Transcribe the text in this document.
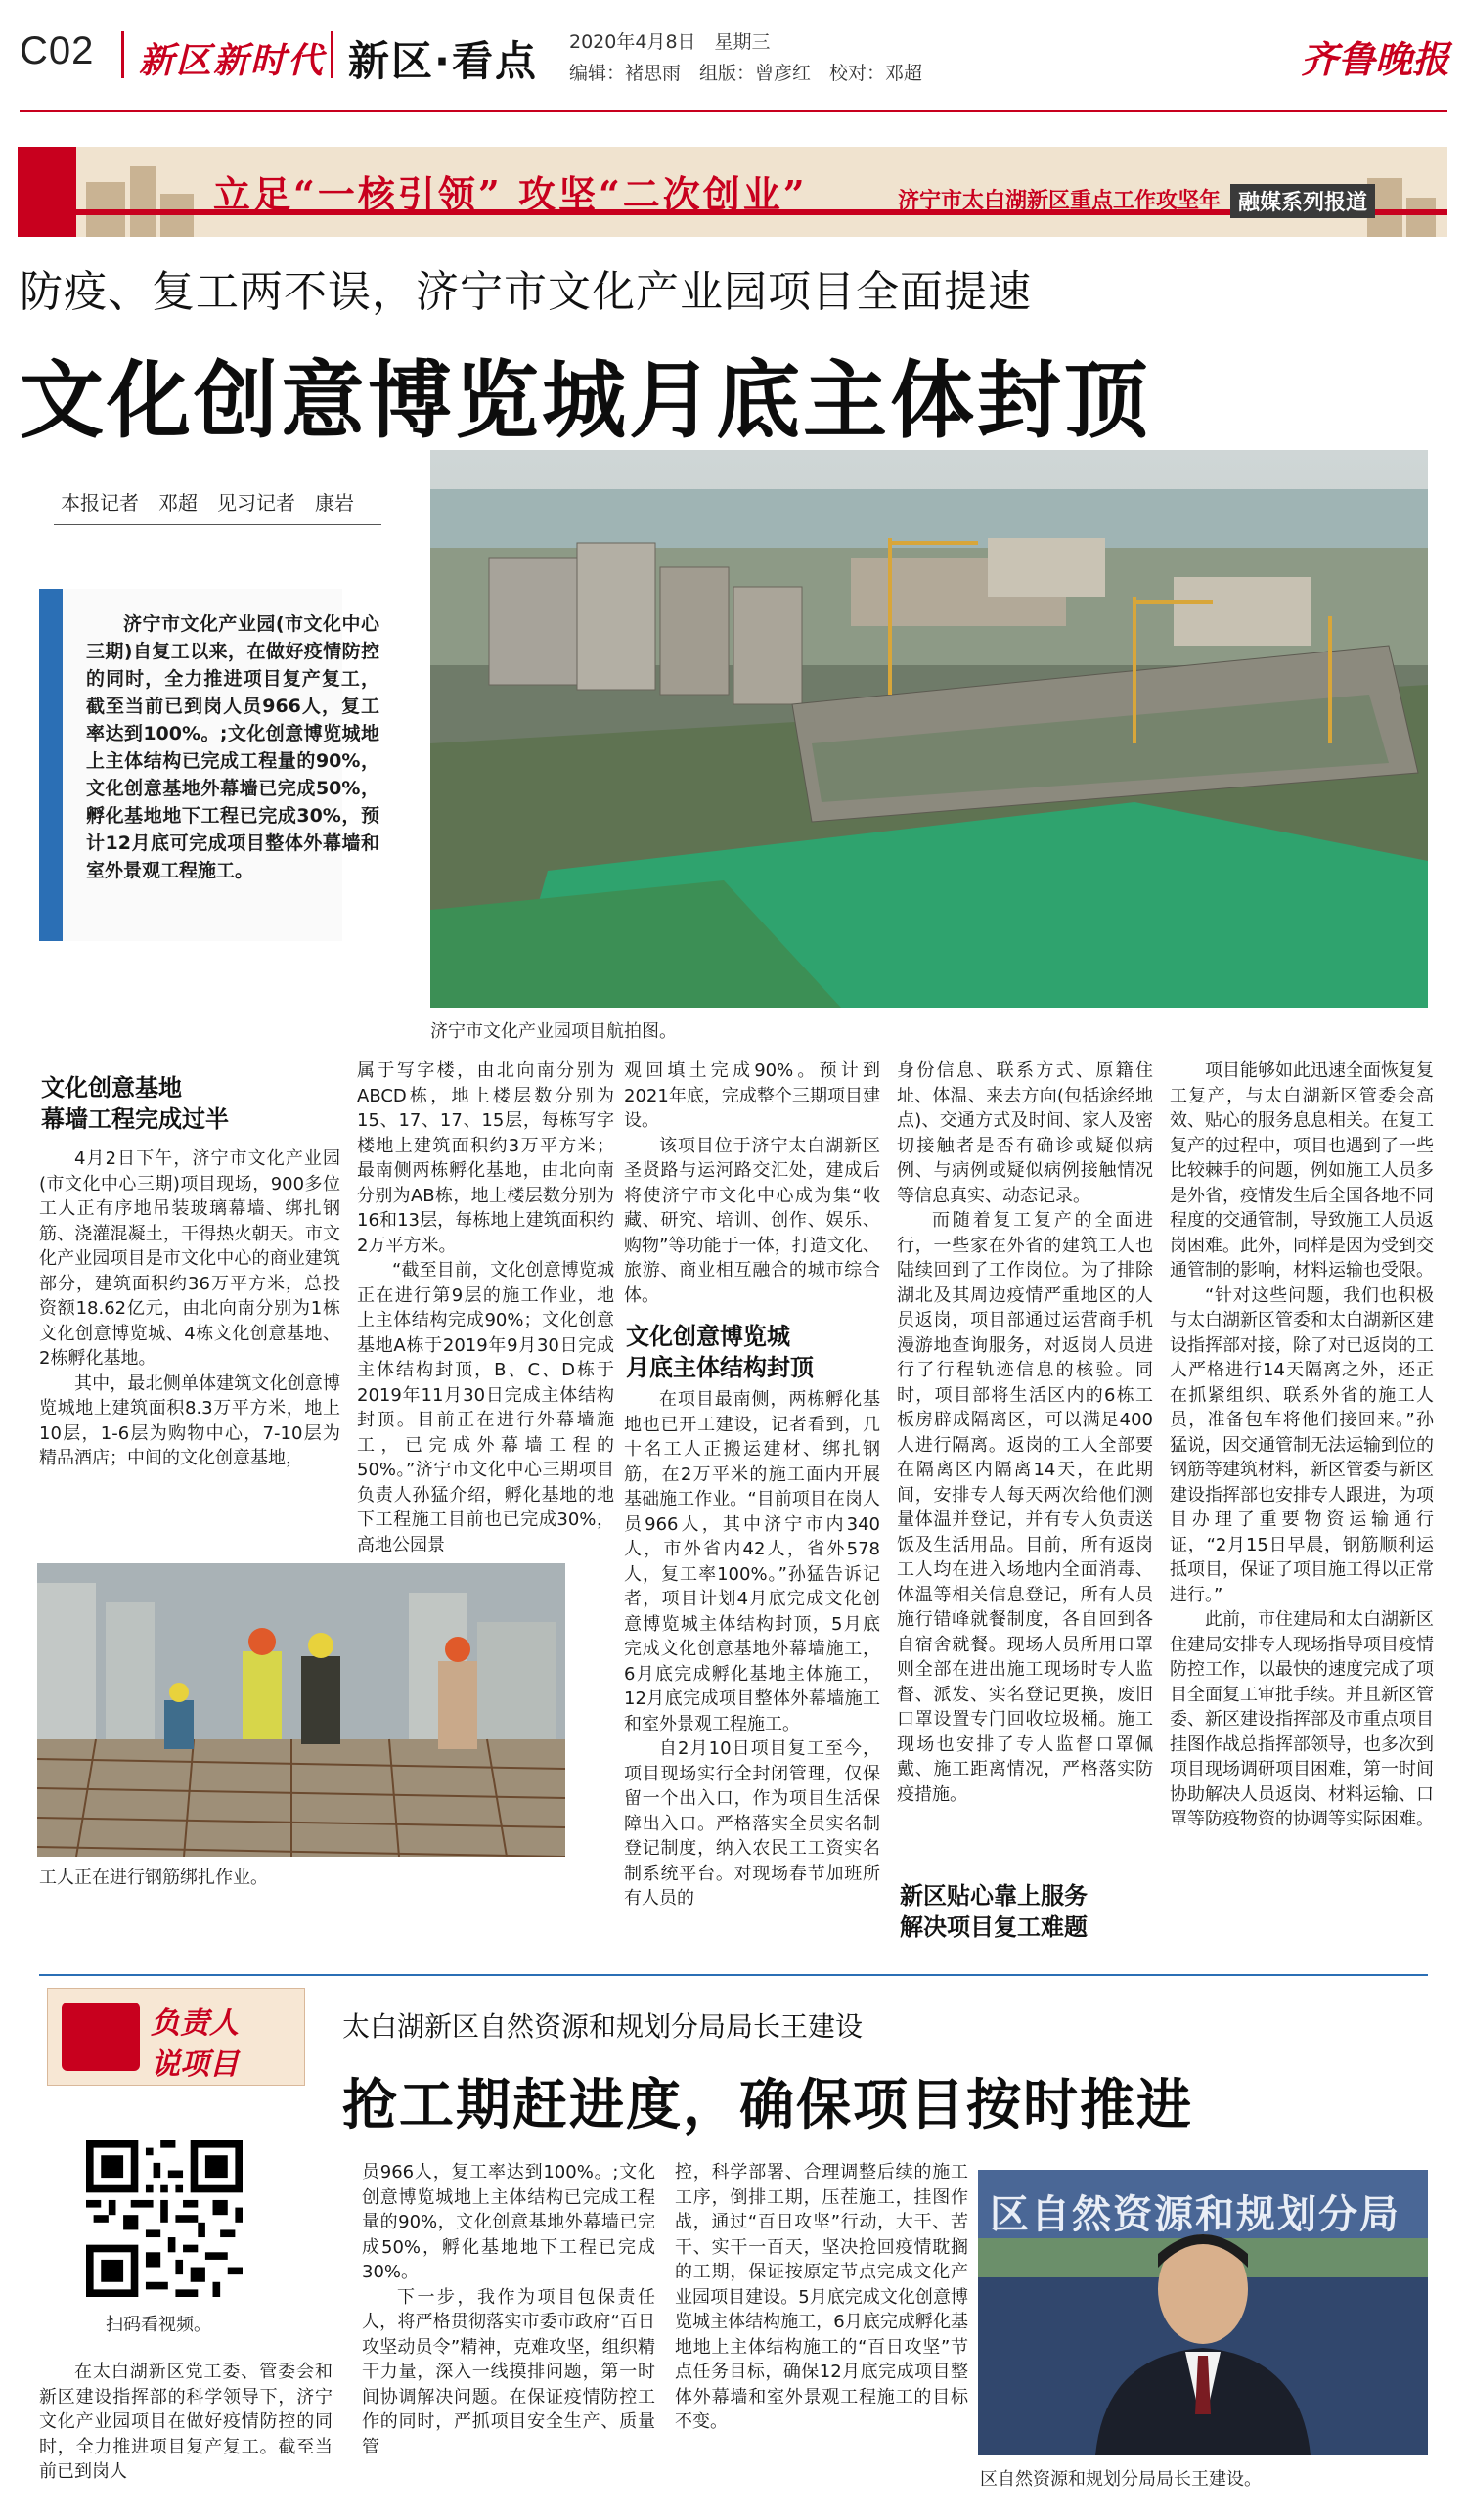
C02 新区新时代 新区·看点 2020年4月8日　星期三
编辑：褚思雨　组版：曾彦红　校对：邓超	齐鲁晚报
立足“一核引领” 攻坚“二次创业”	济宁市太白湖新区重点工作攻坚年 融媒系列报道
防疫、复工两不误，济宁市文化产业园项目全面提速
文化创意博览城月底主体封顶
本报记者　邓超　见习记者　康岩
济宁市文化产业园(市文化中心三期)自复工以来，在做好疫情防控的同时，全力推进项目复产复工，截至当前已到岗人员966人，复工率达到100%。;文化创意博览城地上主体结构已完成工程量的90%，文化创意基地外幕墙已完成50%，孵化基地地下工程已完成30%，预计12月底可完成项目整体外幕墙和室外景观工程施工。
济宁市文化产业园项目航拍图。

文化创意基地
幕墙工程完成过半

4月2日下午，济宁市文化产业园(市文化中心三期)项目现场，900多位工人正有序地吊装玻璃幕墙、绑扎钢筋、浇灌混凝土，干得热火朝天。市文化产业园项目是市文化中心的商业建筑部分，建筑面积约36万平方米，总投资额18.62亿元，由北向南分别为1栋文化创意博览城、4栋文化创意基地、2栋孵化基地。

其中，最北侧单体建筑文化创意博览城地上建筑面积8.3万平方米，地上10层，1-6层为购物中心，7-10层为精品酒店；中间的文化创意基地，

属于写字楼，由北向南分别为ABCD栋，地上楼层数分别为15、17、17、15层，每栋写字楼地上建筑面积约3万平方米；最南侧两栋孵化基地，由北向南分别为AB栋，地上楼层数分别为16和13层，每栋地上建筑面积约2万平方米。

“截至目前，文化创意博览城正在进行第9层的施工作业，地上主体结构完成90%；文化创意基地A栋于2019年9月30日完成主体结构封顶，B、C、D栋于2019年11月30日完成主体结构封顶。目前正在进行外幕墙施工，已完成外幕墙工程的50%。”济宁市文化中心三期项目负责人孙猛介绍，孵化基地的地下工程施工目前也已完成30%，高地公园景

观回填土完成90%。预计到2021年底，完成整个三期项目建设。

该项目位于济宁太白湖新区圣贤路与运河路交汇处，建成后将使济宁市文化中心成为集“收藏、研究、培训、创作、娱乐、购物”等功能于一体，打造文化、旅游、商业相互融合的城市综合体。

文化创意博览城
月底主体结构封顶

在项目最南侧，两栋孵化基地也已开工建设，记者看到，几十名工人正搬运建材、绑扎钢筋，在2万平米的施工面内开展基础施工作业。“目前项目在岗人员966人，其中济宁市内340人，市外省内42人，省外578人，复工率100%。”孙猛告诉记者，项目计划4月底完成文化创意博览城主体结构封顶，5月底完成文化创意基地外幕墙施工，6月底完成孵化基地主体施工，12月底完成项目整体外幕墙施工和室外景观工程施工。

自2月10日项目复工至今，项目现场实行全封闭管理，仅保留一个出入口，作为项目生活保障出入口。严格落实全员实名制登记制度，纳入农民工工资实名制系统平台。对现场春节加班所有人员的

身份信息、联系方式、原籍住址、体温、来去方向(包括途经地点)、交通方式及时间、家人及密切接触者是否有确诊或疑似病例、与病例或疑似病例接触情况等信息真实、动态记录。

而随着复工复产的全面进行，一些家在外省的建筑工人也陆续回到了工作岗位。为了排除湖北及其周边疫情严重地区的人员返岗，项目部通过运营商手机漫游地查询服务，对返岗人员进行了行程轨迹信息的核验。同时，项目部将生活区内的6栋工板房辟成隔离区，可以满足400人进行隔离。返岗的工人全部要在隔离区内隔离14天，在此期间，安排专人每天两次给他们测量体温并登记，并有专人负责送饭及生活用品。目前，所有返岗工人均在进入场地内全面消毒、体温等相关信息登记，所有人员施行错峰就餐制度，各自回到各自宿舍就餐。现场人员所用口罩则全部在进出施工现场时专人监督、派发、实名登记更换，废旧口罩设置专门回收垃圾桶。施工现场也安排了专人监督口罩佩戴、施工距离情况，严格落实防疫措施。

新区贴心靠上服务
解决项目复工难题

项目能够如此迅速全面恢复复工复产，与太白湖新区管委会高效、贴心的服务息息相关。在复工复产的过程中，项目也遇到了一些比较棘手的问题，例如施工人员多是外省，疫情发生后全国各地不同程度的交通管制，导致施工人员返岗困难。此外，同样是因为受到交通管制的影响，材料运输也受限。

“针对这些问题，我们也积极与太白湖新区管委和太白湖新区建设指挥部对接，除了对已返岗的工人严格进行14天隔离之外，还正在抓紧组织、联系外省的施工人员，准备包车将他们接回来。”孙猛说，因交通管制无法运输到位的钢筋等建筑材料，新区管委与新区建设指挥部也安排专人跟进，为项目办理了重要物资运输通行证，“2月15日早晨，钢筋顺利运抵项目，保证了项目施工得以正常进行。”

此前，市住建局和太白湖新区住建局安排专人现场指导项目疫情防控工作，以最快的速度完成了项目全面复工审批手续。并且新区管委、新区建设指挥部及市重点项目挂图作战总指挥部领导，也多次到项目现场调研项目困难，第一时间协助解决人员返岗、材料运输、口罩等防疫物资的协调等实际困难。

工人正在进行钢筋绑扎作业。
负责人
说项目
太白湖新区自然资源和规划分局局长王建设
抢工期赶进度，确保项目按时推进
扫码看视频。

在太白湖新区党工委、管委会和新区建设指挥部的科学领导下，济宁文化产业园项目在做好疫情防控的同时，全力推进项目复产复工。截至当前已到岗人

员966人，复工率达到100%。;文化创意博览城地上主体结构已完成工程量的90%，文化创意基地外幕墙已完成50%，孵化基地地下工程已完成30%。

下一步，我作为项目包保责任人，将严格贯彻落实市委市政府“百日攻坚动员令”精神，克难攻坚，组织精干力量，深入一线摸排问题，第一时间协调解决问题。在保证疫情防控工作的同时，严抓项目安全生产、质量管

控，科学部署、合理调整后续的施工工序，倒排工期，压茬施工，挂图作战，通过“百日攻坚”行动，大干、苦干、实干一百天，坚决抢回疫情耽搁的工期，保证按原定节点完成文化产业园项目建设。5月底完成文化创意博览城主体结构施工，6月底完成孵化基地地上主体结构施工的“百日攻坚”节点任务目标，确保12月底完成项目整体外幕墙和室外景观工程施工的目标不变。

区自然资源和规划分局
区自然资源和规划分局局长王建设。
